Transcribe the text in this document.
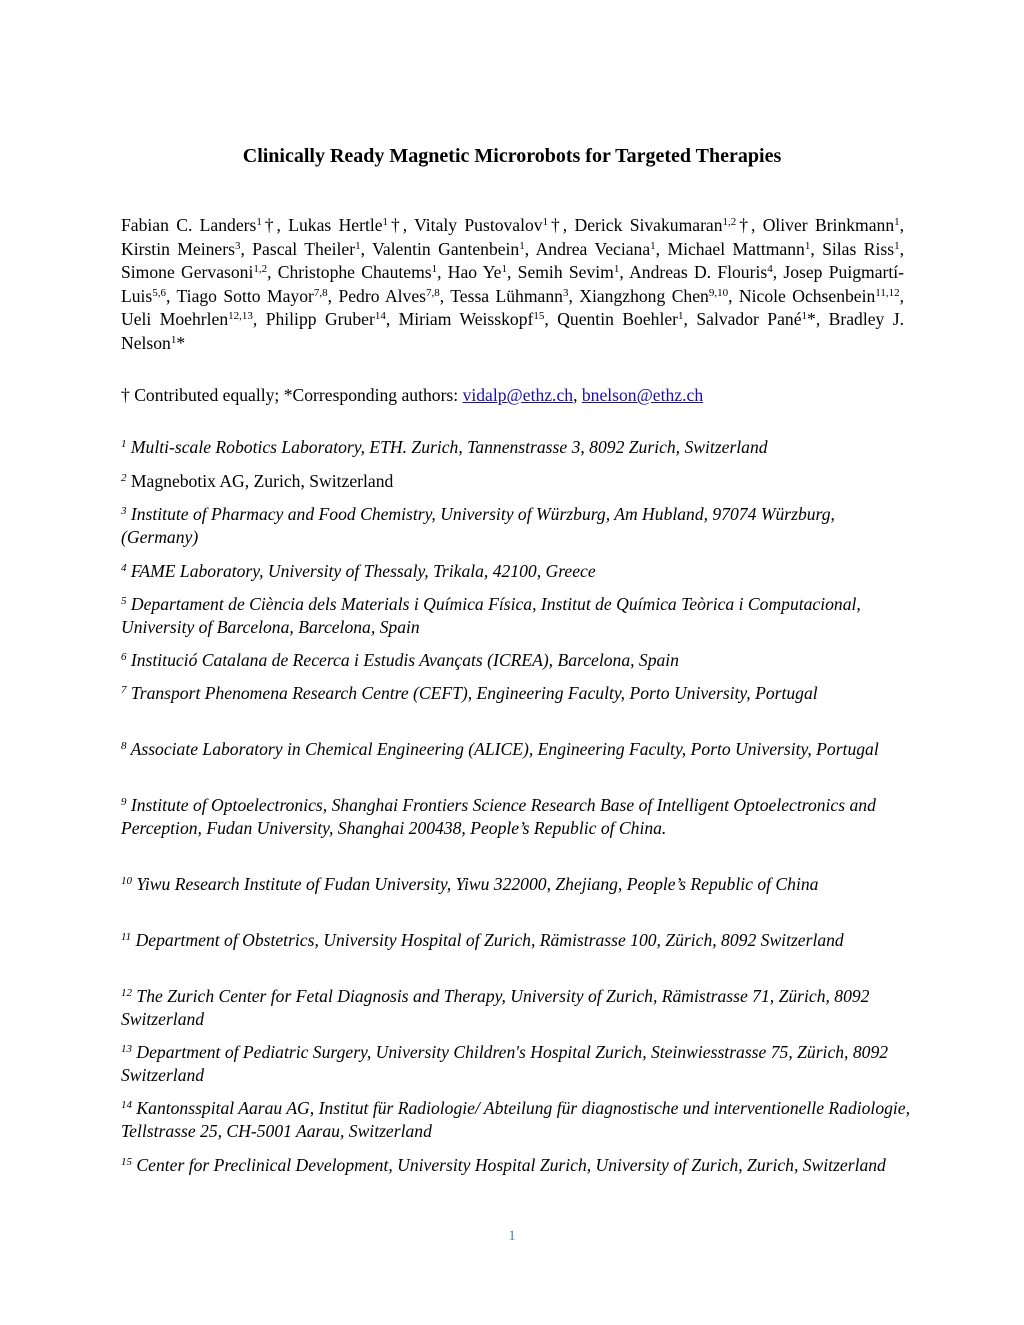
Clinically Ready Magnetic Microrobots for Targeted Therapies
Fabian C. Landers$^1$†, Lukas Hertle$^1$†, Vitaly Pustovalov$^1$†, Derick Sivakumaran$^{1,2}$†, Oliver Brinkmann$^1$, Kirstin Meiners$^3$, Pascal Theiler$^1$, Valentin Gantenbein$^1$, Andrea Veciana$^1$, Michael Mattmann$^1$, Silas Riss$^1$, Simone Gervasoni$^{1,2}$, Christophe Chautems$^1$, Hao Ye$^1$, Semih Sevim$^1$, Andreas D. Flouris$^4$, Josep Puigmartí-Luis$^{5,6}$, Tiago Sotto Mayor$^{7,8}$, Pedro Alves$^{7,8}$, Tessa Lühmann$^3$, Xiangzhong Chen$^{9,10}$, Nicole Ochsenbein$^{11,12}$, Ueli Moehrlen$^{12,13}$, Philipp Gruber$^{14}$, Miriam Weisskopf$^{15}$, Quentin Boehler$^1$, Salvador Pané$^1$*, Bradley J. Nelson$^1$*
† Contributed equally; *Corresponding authors: vidalp@ethz.ch, bnelson@ethz.ch
$^1$ Multi-scale Robotics Laboratory, ETH. Zurich, Tannenstrasse 3, 8092 Zurich, Switzerland
$^2$ Magnebotix AG, Zurich, Switzerland
$^3$ Institute of Pharmacy and Food Chemistry, University of Würzburg, Am Hubland, 97074 Würzburg, (Germany)
$^4$ FAME Laboratory, University of Thessaly, Trikala, 42100, Greece
$^5$ Departament de Ciència dels Materials i Química Física, Institut de Química Teòrica i Computacional, University of Barcelona, Barcelona, Spain
$^6$ Institució Catalana de Recerca i Estudis Avançats (ICREA), Barcelona, Spain
$^7$ Transport Phenomena Research Centre (CEFT), Engineering Faculty, Porto University, Portugal
$^8$ Associate Laboratory in Chemical Engineering (ALICE), Engineering Faculty, Porto University, Portugal
$^9$ Institute of Optoelectronics, Shanghai Frontiers Science Research Base of Intelligent Optoelectronics and Perception, Fudan University, Shanghai 200438, People’s Republic of China.
$^{10}$ Yiwu Research Institute of Fudan University, Yiwu 322000, Zhejiang, People’s Republic of China
$^{11}$ Department of Obstetrics, University Hospital of Zurich, Rämistrasse 100, Zürich, 8092 Switzerland
$^{12}$ The Zurich Center for Fetal Diagnosis and Therapy, University of Zurich, Rämistrasse 71, Zürich, 8092 Switzerland
$^{13}$ Department of Pediatric Surgery, University Children's Hospital Zurich, Steinwiesstrasse 75, Zürich, 8092 Switzerland
$^{14}$ Kantonsspital Aarau AG, Institut für Radiologie/ Abteilung für diagnostische und interventionelle Radiologie, Tellstrasse 25, CH-5001 Aarau, Switzerland
$^{15}$ Center for Preclinical Development, University Hospital Zurich, University of Zurich, Zurich, Switzerland
1
